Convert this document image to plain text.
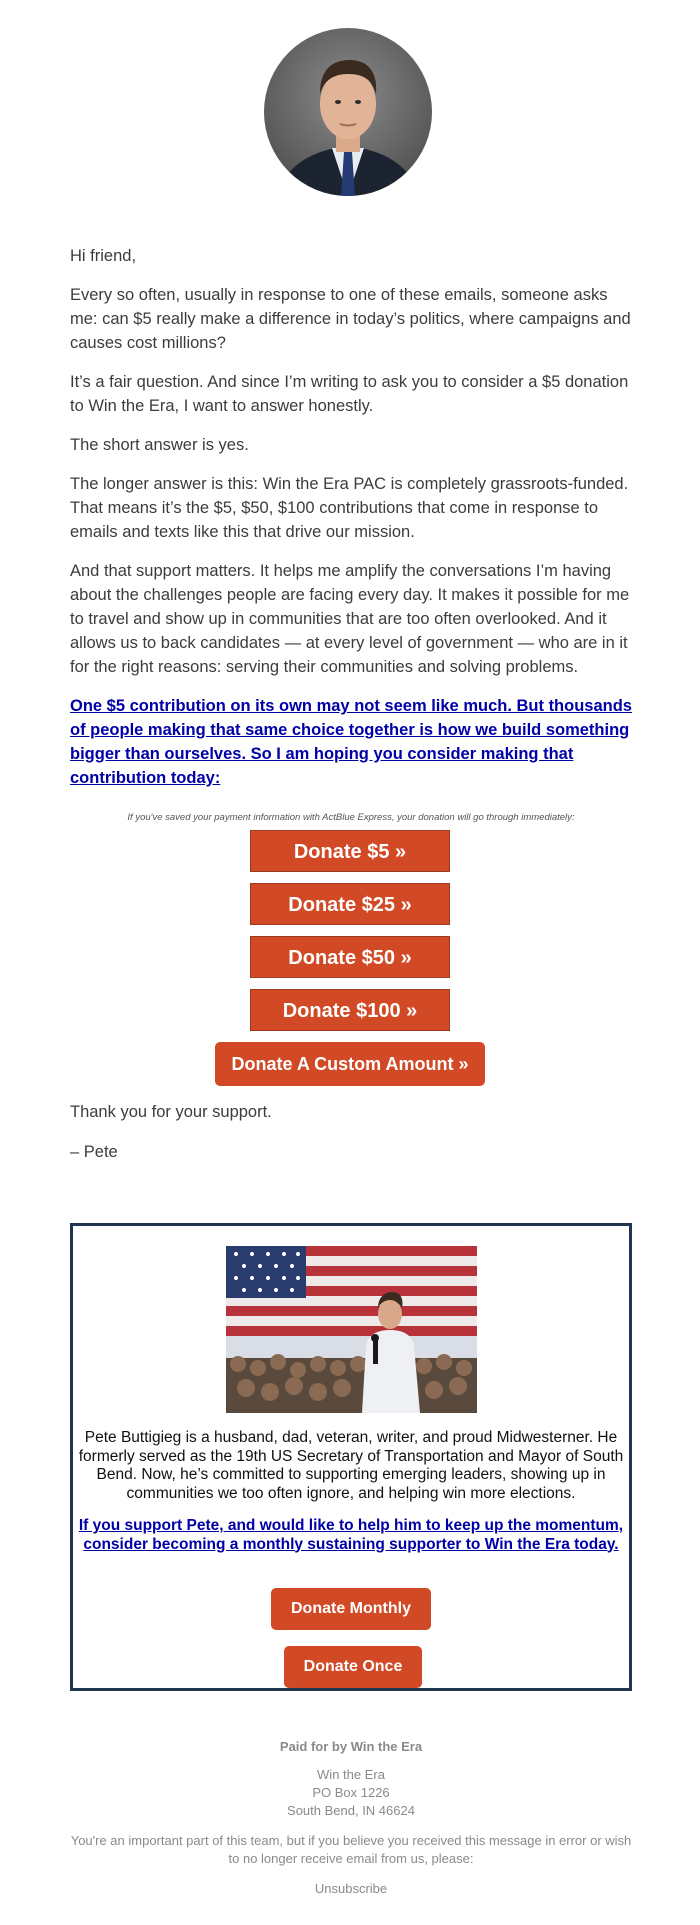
Hi friend,

Every so often, usually in response to one of these emails, someone asks me: can $5 really make a difference in today’s politics, where campaigns and causes cost millions?

It’s a fair question. And since I’m writing to ask you to consider a $5 donation to Win the Era, I want to answer honestly.

The short answer is yes.

The longer answer is this: Win the Era PAC is completely grassroots-funded. That means it’s the $5, $50, $100 contributions that come in response to emails and texts like this that drive our mission.

And that support matters. It helps me amplify the conversations I’m having about the challenges people are facing every day. It makes it possible for me to travel and show up in communities that are too often overlooked. And it allows us to back candidates — at every level of government — who are in it for the right reasons: serving their communities and solving problems.

One $5 contribution on its own may not seem like much. But thousands of people making that same choice together is how we build something bigger than ourselves. So I am hoping you consider making that contribution today:
If you've saved your payment information with ActBlue Express, your donation will go through immediately:
Donate $5 »
Donate $25 »
Donate $50 »
Donate $100 »
Donate A Custom Amount »

Thank you for your support.

– Pete

Pete Buttigieg is a husband, dad, veteran, writer, and proud Midwesterner. He formerly served as the 19th US Secretary of Transportation and Mayor of South Bend. Now, he’s committed to supporting emerging leaders, showing up in communities we too often ignore, and helping win more elections.
If you support Pete, and would like to help him to keep up the momentum, consider becoming a monthly sustaining supporter to Win the Era today.
Donate Monthly
Donate Once
Paid for by Win the Era
Win the Era
PO Box 1226
South Bend, IN 46624
You're an important part of this team, but if you believe you received this message in error or wish to no longer receive email from us, please:
Unsubscribe
